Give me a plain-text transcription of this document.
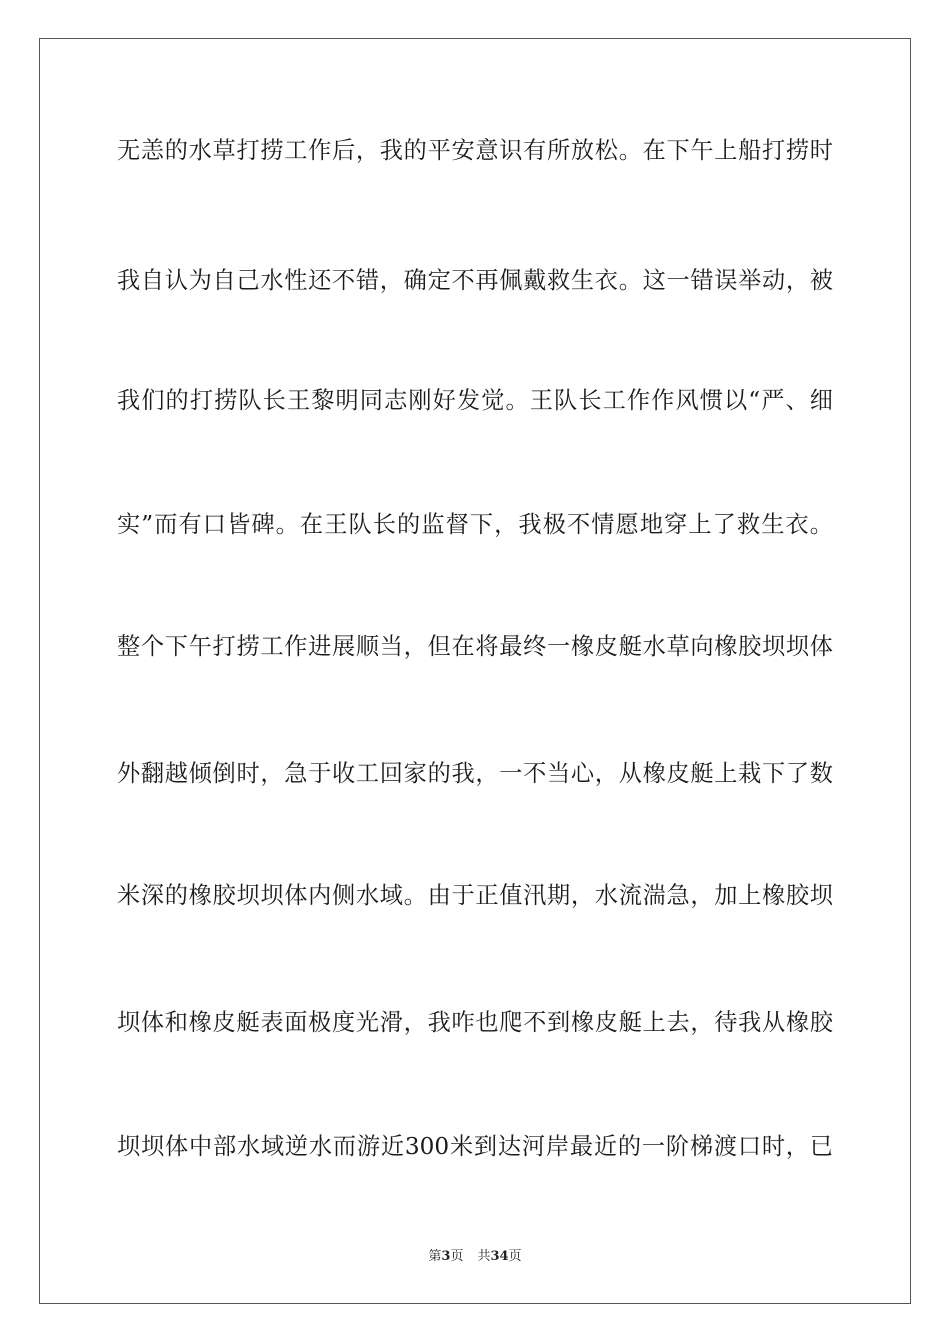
无恙的水草打捞工作后，我的平安意识有所放松。在下午上船打捞时
我自认为自己水性还不错，确定不再佩戴救生衣。这一错误举动，被
我们的打捞队长王黎明同志刚好发觉。王队长工作作风惯以“严、细
实”而有口皆碑。在王队长的监督下，我极不情愿地穿上了救生衣。
整个下午打捞工作进展顺当，但在将最终一橡皮艇水草向橡胶坝坝体
外翻越倾倒时，急于收工回家的我，一不当心，从橡皮艇上栽下了数
米深的橡胶坝坝体内侧水域。由于正值汛期，水流湍急，加上橡胶坝
坝体和橡皮艇表面极度光滑，我咋也爬不到橡皮艇上去，待我从橡胶
坝坝体中部水域逆水而游近300米到达河岸最近的一阶梯渡口时，已
第3页 共34页
